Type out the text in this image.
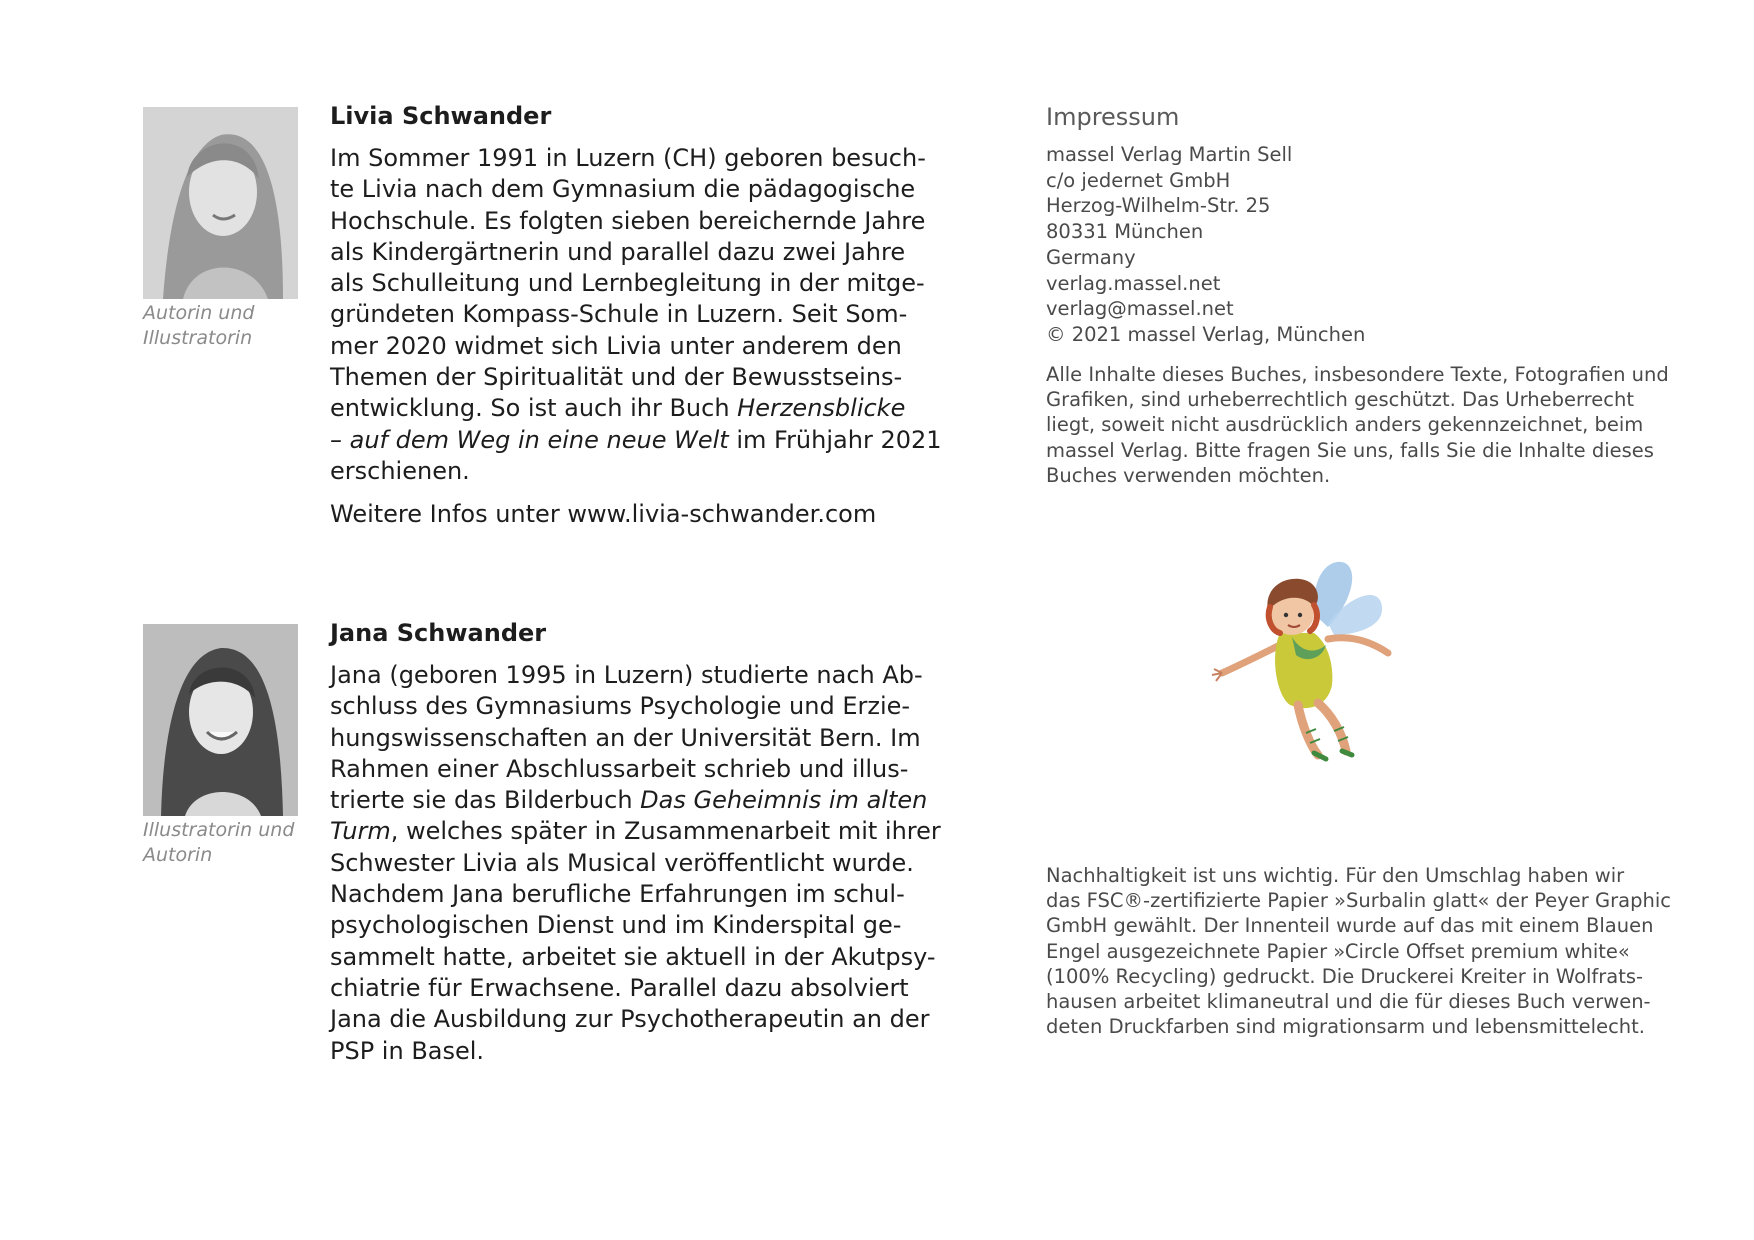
Autorin und
Illustratorin
Livia Schwander
Im Sommer 1991 in Luzern (CH) geboren besuch-
te Livia nach dem Gymnasium die pädagogische
Hochschule. Es folgten sieben bereichernde Jahre
als Kindergärtnerin und parallel dazu zwei Jahre
als Schulleitung und Lernbegleitung in der mitge-
gründeten Kompass-Schule in Luzern. Seit Som-
mer 2020 widmet sich Livia unter anderem den
Themen der Spiritualität und der Bewusstseins-
entwicklung. So ist auch ihr Buch Herzensblicke
– auf dem Weg in eine neue Welt im Frühjahr 2021
erschienen.
Weitere Infos unter www.livia-schwander.com
Illustratorin und
Autorin
Jana Schwander
Jana (geboren 1995 in Luzern) studierte nach Ab-
schluss des Gymnasiums Psychologie und Erzie-
hungswissenschaften an der Universität Bern. Im
Rahmen einer Abschlussarbeit schrieb und illus-
trierte sie das Bilderbuch Das Geheimnis im alten
Turm, welches später in Zusammenarbeit mit ihrer
Schwester Livia als Musical veröffentlicht wurde.
Nachdem Jana berufliche Erfahrungen im schul-
psychologischen Dienst und im Kinderspital ge-
sammelt hatte, arbeitet sie aktuell in der Akutpsy-
chiatrie für Erwachsene. Parallel dazu absolviert
Jana die Ausbildung zur Psychotherapeutin an der
PSP in Basel.
Impressum
massel Verlag Martin Sell
c/o jedernet GmbH
Herzog-Wilhelm-Str. 25
80331 München
Germany
verlag.massel.net
verlag@massel.net
© 2021 massel Verlag, München
Alle Inhalte dieses Buches, insbesondere Texte, Fotografien und
Grafiken, sind urheberrechtlich geschützt. Das Urheberrecht
liegt, soweit nicht ausdrücklich anders gekennzeichnet, beim
massel Verlag. Bitte fragen Sie uns, falls Sie die Inhalte dieses
Buches verwenden möchten.
Nachhaltigkeit ist uns wichtig. Für den Umschlag haben wir
das FSC®-zertifizierte Papier »Surbalin glatt« der Peyer Graphic
GmbH gewählt. Der Innenteil wurde auf das mit einem Blauen
Engel ausgezeichnete Papier »Circle Offset premium white«
(100% Recycling) gedruckt. Die Druckerei Kreiter in Wolfrats-
hausen arbeitet klimaneutral und die für dieses Buch verwen-
deten Druckfarben sind migrationsarm und lebensmittelecht.
